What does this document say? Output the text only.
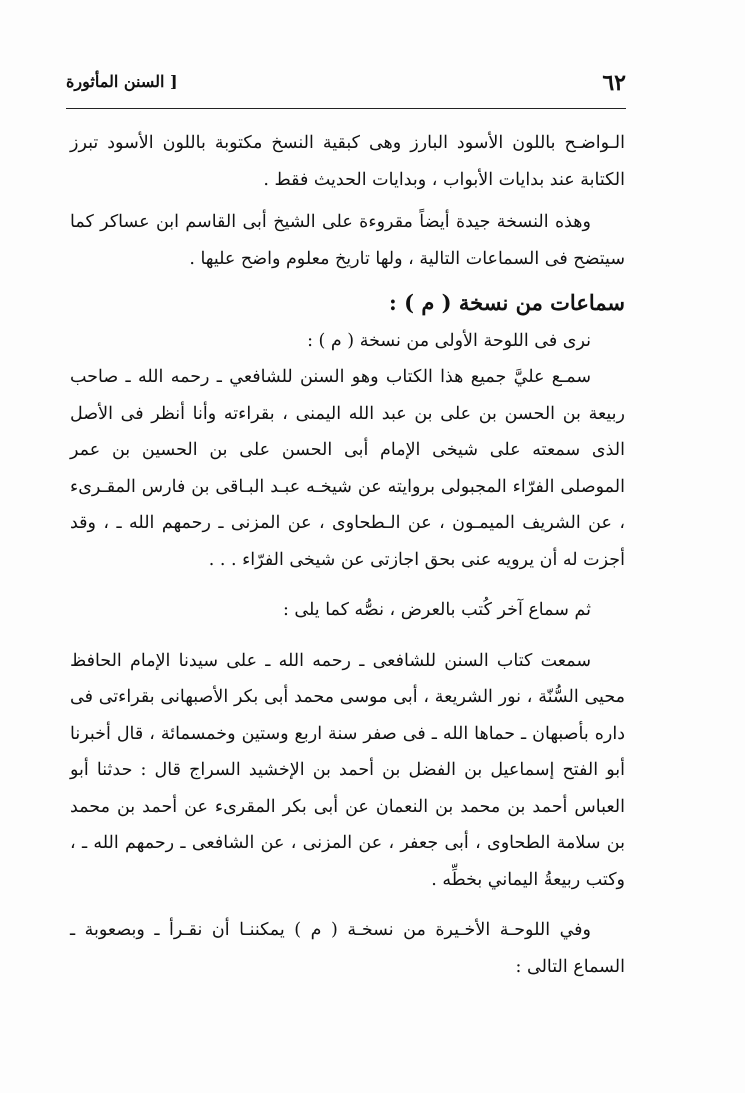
٦٢
[ السنن المأثورة

الـواضـح باللون الأسود البارز وهى كبقية النسخ مكتوبة باللون الأسود تبرز الكتابة عند بدايات الأبواب ، وبدايات الحديث فقط .

وهذه النسخة جيدة أيضاً مقروءة على الشيخ أبى القاسم ابن عساكر كما سيتضح فى السماعات التالية ، ولها تاريخ معلوم واضح عليها .

سماعات من نسخة ( م ) :

نرى فى اللوحة الأولى من نسخة ( م ) :

سمـع عليَّ جميع هذا الكتاب وهو السنن للشافعي ـ رحمه الله ـ صاحب ربيعة بن الحسن بن على بن عبد الله اليمنى ، بقراءته وأنا أنظر فى الأصل الذى سمعته على شيخى الإمام أبى الحسن على بن الحسين بن عمر الموصلى الفرّاء المجبولى بروايته عن شيخـه عبـد البـاقى بن فارس المقـرىء ، عن الشريف الميمـون ، عن الـطحاوى ، عن المزنى ـ رحمهم الله ـ ، وقد أجزت له أن يرويه عنى بحق اجازتى عن شيخى الفرّاء . . .

ثم سماع آخر كُتب بالعرض ، نصُّه كما يلى :

سمعت كتاب السنن للشافعى ـ رحمه الله ـ على سيدنا الإمام الحافظ محيى السُّنّة ، نور الشريعة ، أبى موسى محمد أبى بكر الأصبهانى بقراءتى فى داره بأصبهان ـ حماها الله ـ فى صفر سنة اربع وستين وخمسمائة ، قال أخبرنا أبو الفتح إسماعيل بن الفضل بن أحمد بن الإخشيد السراج قال : حدثنا أبو العباس أحمد بن محمد بن النعمان عن أبى بكر المقرىء عن أحمد بن محمد بن سلامة الطحاوى ، أبى جعفر ، عن المزنى ، عن الشافعى ـ رحمهم الله ـ ، وكتب ربيعةُ اليماني بخطِّه .

وفي اللوحـة الأخـيرة من نسخـة ( م ) يمكننـا أن نقـرأ ـ وبصعوبة ـ السماع التالى :
